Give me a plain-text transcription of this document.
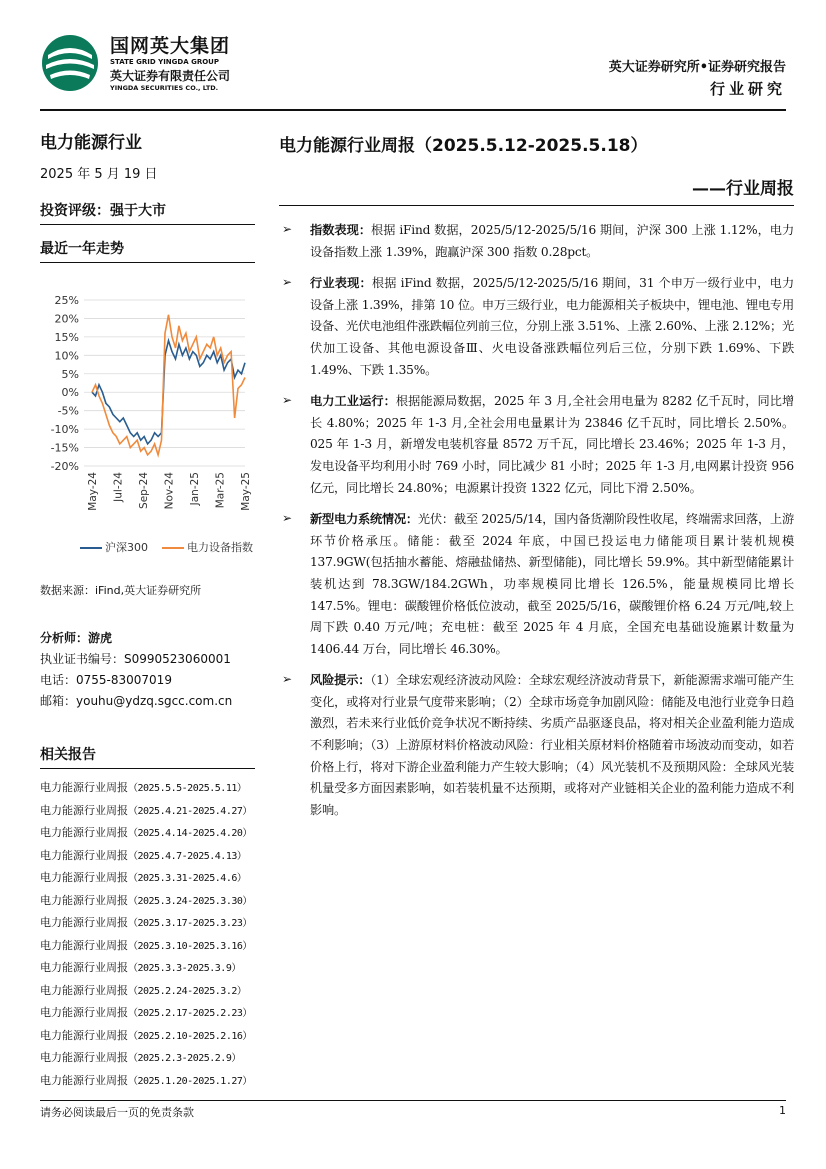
国网英大集团
STATE GRID YINGDA GROUP
英大证券有限责任公司
YINGDA SECURITIES CO., LTD.
英大证券研究所•证券研究报告
行业研究
电力能源行业
2025 年 5 月 19 日
投资评级：强于大市
最近一年走势
25%
20%
15%
10%
5%
0%
-5%
-10%
-15%
-20%
May-24 Jul-24 Sep-24 Nov-24 Jan-25 Mar-25 May-25
沪深300	电力设备指数
数据来源：iFind,英大证券研究所
分析师：游虎
执业证书编号：S0990523060001
电话：0755-83007019
邮箱：youhu@ydzq.sgcc.com.cn
相关报告
电力能源行业周报（2025.5.5-2025.5.11）
电力能源行业周报（2025.4.21-2025.4.27）
电力能源行业周报（2025.4.14-2025.4.20）
电力能源行业周报（2025.4.7-2025.4.13）
电力能源行业周报（2025.3.31-2025.4.6）
电力能源行业周报（2025.3.24-2025.3.30）
电力能源行业周报（2025.3.17-2025.3.23）
电力能源行业周报（2025.3.10-2025.3.16）
电力能源行业周报（2025.3.3-2025.3.9）
电力能源行业周报（2025.2.24-2025.3.2）
电力能源行业周报（2025.2.17-2025.2.23）
电力能源行业周报（2025.2.10-2025.2.16）
电力能源行业周报（2025.2.3-2025.2.9）
电力能源行业周报（2025.1.20-2025.1.27）
电力能源行业周报（2025.5.12-2025.5.18）
——行业周报
➢ 指数表现：根据 iFind 数据，2025/5/12-2025/5/16 期间，沪深 300 上涨 1.12%，电力设备指数上涨 1.39%，跑赢沪深 300 指数 0.28pct。

➢ 行业表现：根据 iFind 数据，2025/5/12-2025/5/16 期间，31 个申万一级行业中，电力设备上涨 1.39%，排第 10 位。申万三级行业，电力能源相关子板块中，锂电池、锂电专用设备、光伏电池组件涨跌幅位列前三位，分别上涨 3.51%、上涨 2.60%、上涨 2.12%；光伏加工设备、其他电源设备Ⅲ、火电设备涨跌幅位列后三位，分别下跌 1.69%、下跌 1.49%、下跌 1.35%。

➢ 电力工业运行：根据能源局数据，2025 年 3 月,全社会用电量为 8282 亿千瓦时，同比增长 4.80%；2025 年 1-3 月,全社会用电量累计为 23846 亿千瓦时，同比增长 2.50%。025 年 1-3 月，新增发电装机容量 8572 万千瓦，同比增长 23.46%；2025 年 1-3 月，发电设备平均利用小时 769 小时，同比减少 81 小时；2025 年 1-3 月,电网累计投资 956 亿元，同比增长 24.80%；电源累计投资 1322 亿元，同比下滑 2.50%。

➢ 新型电力系统情况：光伏：截至 2025/5/14，国内备货潮阶段性收尾，终端需求回落，上游环节价格承压。储能：截至 2024 年底，中国已投运电力储能项目累计装机规模 137.9GW(包括抽水蓄能、熔融盐储热、新型储能)，同比增长 59.9%。其中新型储能累计装机达到 78.3GW/184.2GWh，功率规模同比增长 126.5%，能量规模同比增长 147.5%。锂电：碳酸锂价格低位波动，截至 2025/5/16，碳酸锂价格 6.24 万元/吨,较上周下跌 0.40 万元/吨；充电桩：截至 2025 年 4 月底，全国充电基础设施累计数量为 1406.44 万台，同比增长 46.30%。

➢ 风险提示：（1）全球宏观经济波动风险：全球宏观经济波动背景下，新能源需求端可能产生变化，或将对行业景气度带来影响；（2）全球市场竞争加剧风险：储能及电池行业竞争日趋激烈，若未来行业低价竞争状况不断持续、劣质产品驱逐良品，将对相关企业盈利能力造成不利影响；（3）上游原材料价格波动风险：行业相关原材料价格随着市场波动而变动，如若价格上行，将对下游企业盈利能力产生较大影响；（4）风光装机不及预期风险：全球风光装机量受多方面因素影响，如若装机量不达预期，或将对产业链相关企业的盈利能力造成不利影响。

请务必阅读最后一页的免责条款	1
